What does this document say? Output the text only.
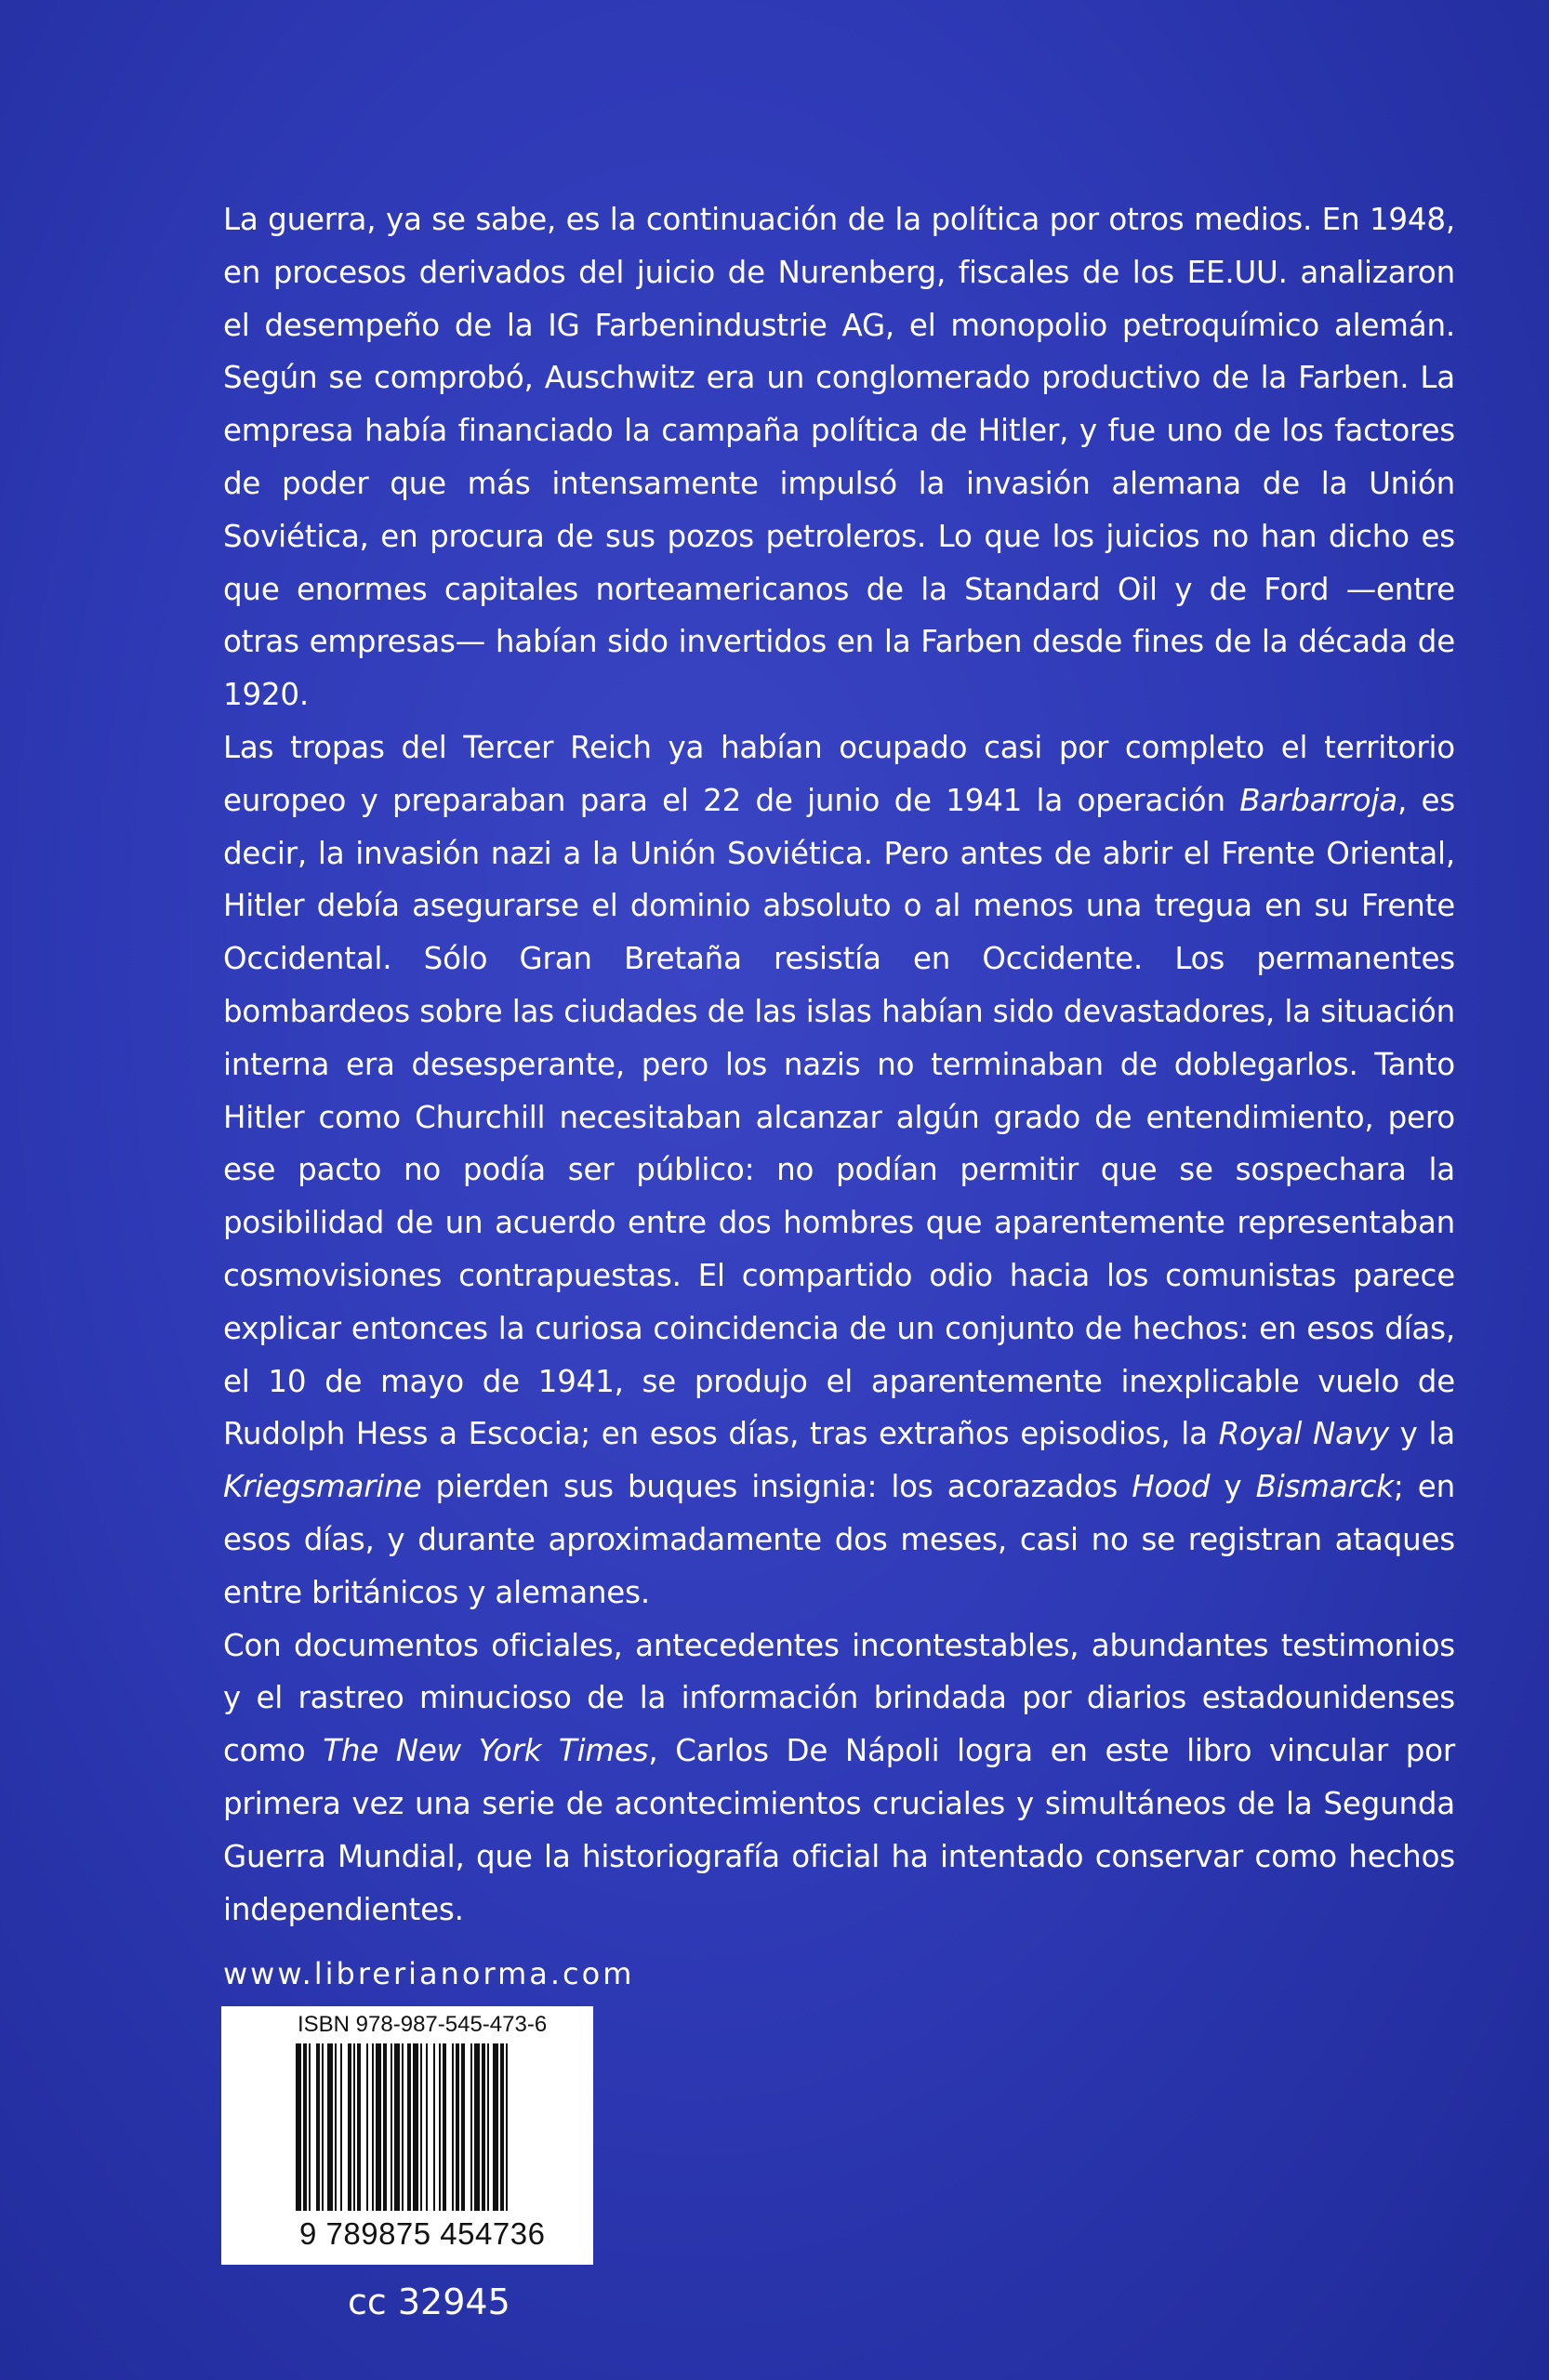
La guerra, ya se sabe, es la continuación de la política por otros medios. En 1948, en procesos derivados del juicio de Nurenberg, fiscales de los EE.UU. analizaron el desempeño de la IG Farbenindustrie AG, el monopolio petroquímico alemán. Según se comprobó, Auschwitz era un conglomerado productivo de la Farben. La empresa había financiado la campaña política de Hitler, y fue uno de los factores de poder que más intensamente impulsó la invasión alemana de la Unión Soviética, en procura de sus pozos petroleros. Lo que los juicios no han dicho es que enormes capitales norteamericanos de la Standard Oil y de Ford —entre otras empresas— habían sido invertidos en la Farben desde fines de la década de 1920.

Las tropas del Tercer Reich ya habían ocupado casi por completo el territorio europeo y preparaban para el 22 de junio de 1941 la operación Barbarroja, es decir, la invasión nazi a la Unión Soviética. Pero antes de abrir el Frente Oriental, Hitler debía asegurarse el dominio absoluto o al menos una tregua en su Frente Occidental. Sólo Gran Bretaña resistía en Occidente. Los permanentes bombardeos sobre las ciudades de las islas habían sido devastadores, la situación interna era desesperante, pero los nazis no terminaban de doblegarlos. Tanto Hitler como Churchill necesitaban alcanzar algún grado de entendimiento, pero ese pacto no podía ser público: no podían permitir que se sospechara la posibilidad de un acuerdo entre dos hombres que aparentemente representaban cosmovisiones contrapuestas. El compartido odio hacia los comunistas parece explicar entonces la curiosa coincidencia de un conjunto de hechos: en esos días, el 10 de mayo de 1941, se produjo el aparentemente inexplicable vuelo de Rudolph Hess a Escocia; en esos días, tras extraños episodios, la Royal Navy y la Kriegsmarine pierden sus buques insignia: los acorazados Hood y Bismarck; en esos días, y durante aproximadamente dos meses, casi no se registran ataques entre británicos y alemanes.

Con documentos oficiales, antecedentes incontestables, abundantes testimonios y el rastreo minucioso de la información brindada por diarios estadounidenses como The New York Times, Carlos De Nápoli logra en este libro vincular por primera vez una serie de acontecimientos cruciales y simultáneos de la Segunda Guerra Mundial, que la historiografía oficial ha intentado conservar como hechos independientes.

www.librerianorma.com
ISBN 978-987-545-473-6
9 789875 454736
cc 32945
